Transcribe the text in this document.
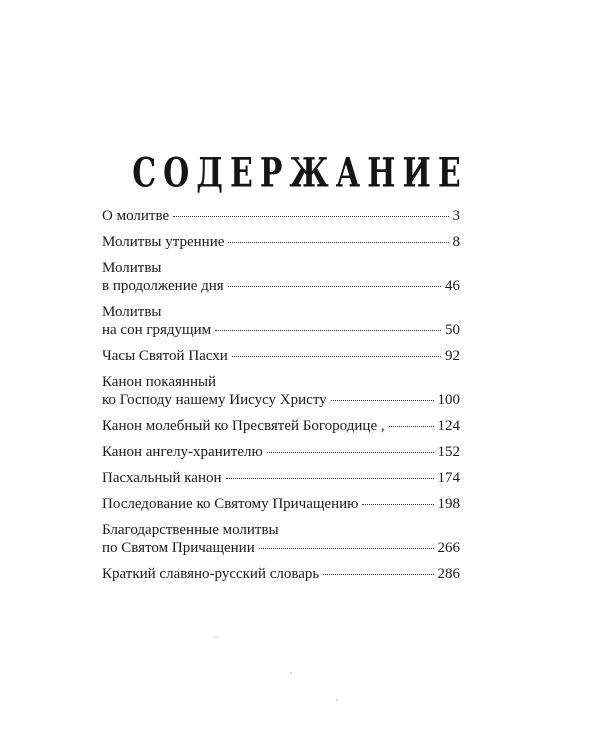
СОДЕРЖАНИЕ
О молитве	3
Молитвы утренние	8
Молитвы
в продолжение дня	46
Молитвы
на сон грядущим	50
Часы Святой Пасхи	92
Канон покаянный
ко Господу нашему Иисусу Христу	100
Канон молебный ко Пресвятей Богородице ,	124
Канон ангелу-хранителю	152
Пасхальный канон	174
Последование ко Святому Причащению	198
Благодарственные молитвы
по Святом Причащении	266
Краткий славяно-русский словарь	286
